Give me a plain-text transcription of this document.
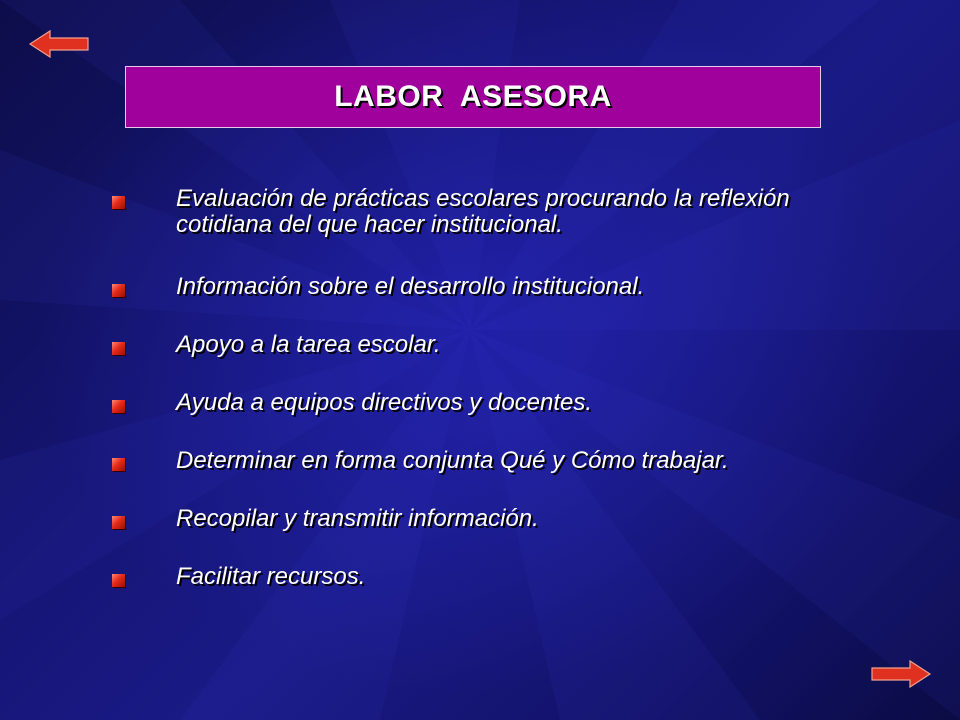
LABOR  ASESORA
Evaluación de prácticas escolares procurando la reflexión cotidiana del que hacer institucional.
Información sobre el desarrollo institucional.
Apoyo a la tarea escolar.
Ayuda a equipos directivos y docentes.
Determinar en forma conjunta Qué y Cómo trabajar.
Recopilar y transmitir información.
Facilitar recursos.
